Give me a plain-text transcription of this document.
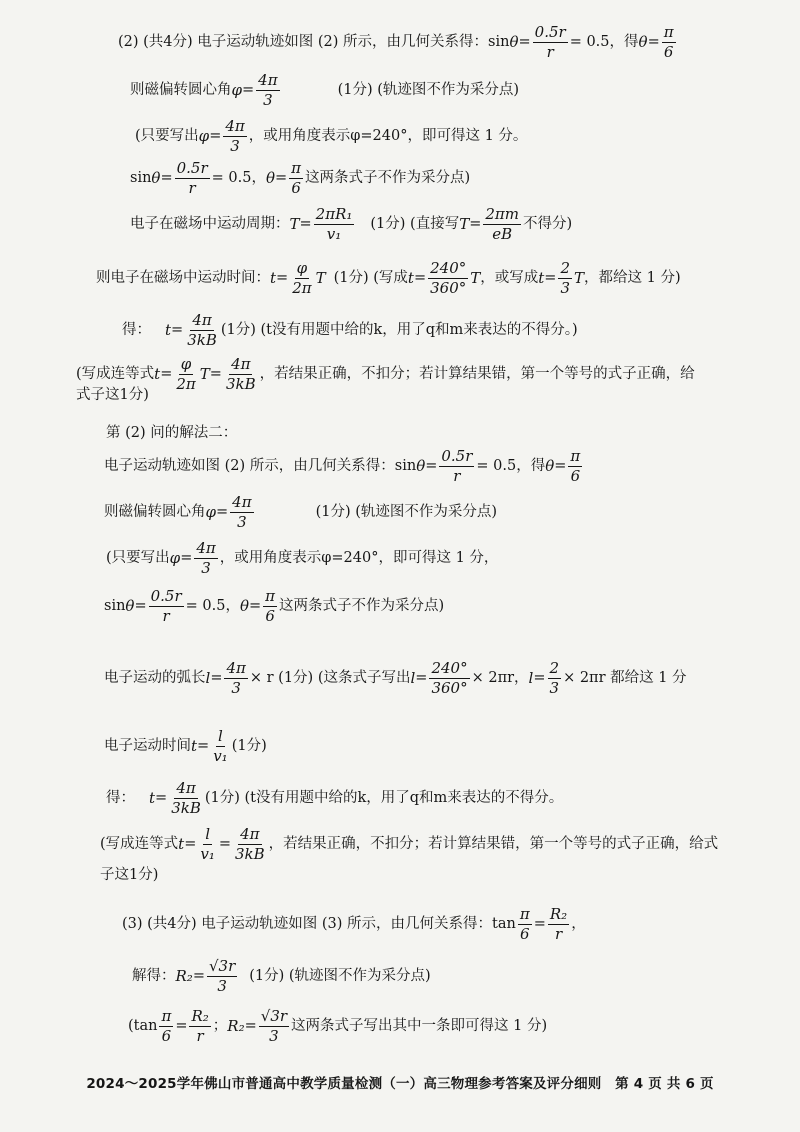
(2) (共4分) 电子运动轨迹如图 (2) 所示，由几何关系得：$\sin \theta = \frac{0.5r}{r} = 0.5$，得 $\theta = \frac{\pi}{6}$
则磁偏转圆心角 $\varphi = \frac{4\pi}{3}$	(1分) (轨迹图不作为采分点)
(只要写出 $\varphi = \frac{4\pi}{3}$ ，或用角度表示φ=240°，即可得这 1 分。
$\sin \theta = \frac{0.5r}{r} = 0.5$， $\theta = \frac{\pi}{6}$ 这两条式子不作为采分点)
电子在磁场中运动周期： $T = \frac{\text{2πR₁}}{\text{v₁}} (1$分) (直接写 $T = \frac{2\pi m}{eB}$ 不得分)
则电子在磁场中运动时间： $t = \frac{\varphi}{2\pi}$ T (1分) (写成 $t = \frac{240^\circ}{360^\circ}$ T ，或写成 $t = \frac{2}{3}$ T ，都给这 1 分)
得： $t = \frac{4\pi}{3kB} (1$分) (t没有用题中给的k，用了q和m来表达的不得分。)
(写成连等式 $t = \frac{\varphi}{2\pi}$ $T = \frac{4\pi}{3kB}$ ，若结果正确，不扣分；若计算结果错，第一个等号的式子正确，给
式子这1分)
第 (2) 问的解法二：
电子运动轨迹如图 (2) 所示，由几何关系得：$\sin \theta = \frac{0.5r}{r} = 0.5$，得 $\theta = \frac{\pi}{6}$
则磁偏转圆心角 $\varphi = \frac{4\pi}{3}$	(1分) (轨迹图不作为采分点)
(只要写出 $\varphi = \frac{4\pi}{3}$ ，或用角度表示φ=240°，即可得这 1 分，
$\sin \theta = \frac{0.5r}{r} = 0.5$， $\theta = \frac{\pi}{6}$ 这两条式子不作为采分点)
电子运动的弧长 $l = \frac{4\pi}{3} \times r$ (1分) (这条式子写出 $l = \frac{240^\circ}{360^\circ} \times 2\pi r$， $l = \frac{2}{3} \times 2\pi r$ 都给这 1 分
电子运动时间 $t = \frac{l}{\text{v₁}} (1$分)
得： $t = \frac{4\pi}{3kB} (1$分) (t没有用题中给的k，用了q和m来表达的不得分。
(写成连等式 $t = \frac{l}{\text{v₁}} = \frac{4\pi}{3kB}$ ，若结果正确，不扣分；若计算结果错，第一个等号的式子正确，给式
子这1分)
(3) (共4分) 电子运动轨迹如图 (3) 所示，由几何关系得：$\tan \frac{\pi}{6} = \frac{\text{R₂}}{r}$ ，
解得： $R_2 = \frac{√3r}{3} (1$分) (轨迹图不作为采分点)
($\tan \frac{\pi}{6} = \frac{\text{R₂}}{r}$ ； $R_2 = \frac{√3r}{3}$ 这两条式子写出其中一条即可得这 1 分)
2024～2025学年佛山市普通高中教学质量检测（一）高三物理参考答案及评分细则　第 4 页 共 6 页
